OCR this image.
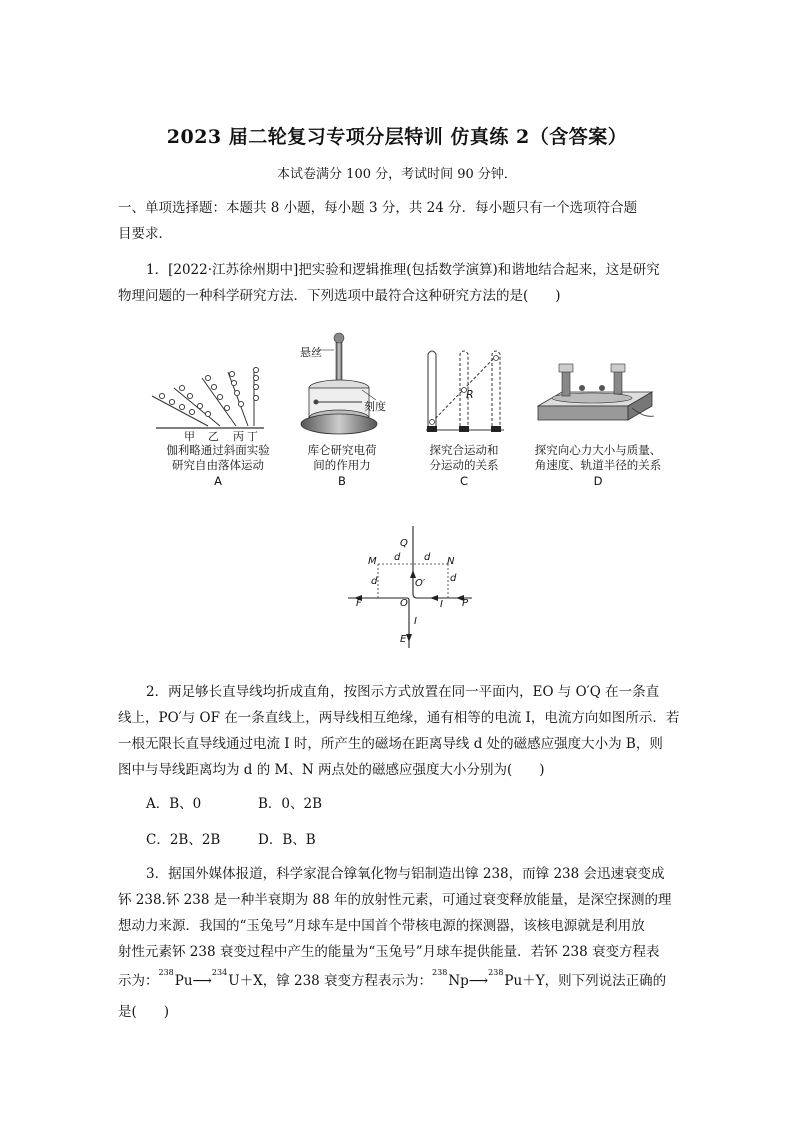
2023 届二轮复习专项分层特训 仿真练 2（含答案）
本试卷满分 100 分，考试时间 90 分钟．
一、单项选择题：本题共 8 小题，每小题 3 分，共 24 分．每小题只有一个选项符合题
目要求．
1．[2022·江苏徐州期中]把实验和逻辑推理(包括数学演算)和谐地结合起来，这是研究
物理问题的一种科学研究方法．下列选项中最符合这种研究方法的是(　　)
甲 乙 丙 丁
伽利略通过斜面实验
研究自由落体运动
A
悬丝
刻度
库仑研究电荷
间的作用力
B
R
探究合运动和
分运动的关系
C
探究向心力大小与质量、
角速度、轨道半径的关系
D
M	N
Q
O′
O
F	P
E
d d
d	d
I
I
2．两足够长直导线均折成直角，按图示方式放置在同一平面内，EO 与 O′Q 在一条直
线上，PO′与 OF 在一条直线上，两导线相互绝缘，通有相等的电流 I，电流方向如图所示．若
一根无限长直导线通过电流 I 时，所产生的磁场在距离导线 d 处的磁感应强度大小为 B，则
图中与导线距离均为 d 的 M、N 两点处的磁感应强度大小分别为(　　)
A．B、0	B．0、2B
C．2B、2B	D．B、B
3．据国外媒体报道，科学家混合镎氧化物与铝制造出镎 238，而镎 238 会迅速衰变成
钚 238.钚 238 是一种半衰期为 88 年的放射性元素，可通过衰变释放能量，是深空探测的理
想动力来源．我国的“玉兔号”月球车是中国首个带核电源的探测器，该核电源就是利用放
射性元素钚 238 衰变过程中产生的能量为“玉兔号”月球车提供能量．若钚 238 衰变方程表
示为：$^{238}$Pu⟶$^{234}$U＋X，镎 238 衰变方程表示为：$^{238}$Np⟶$^{238}$Pu＋Y，则下列说法正确的
是(　　)
